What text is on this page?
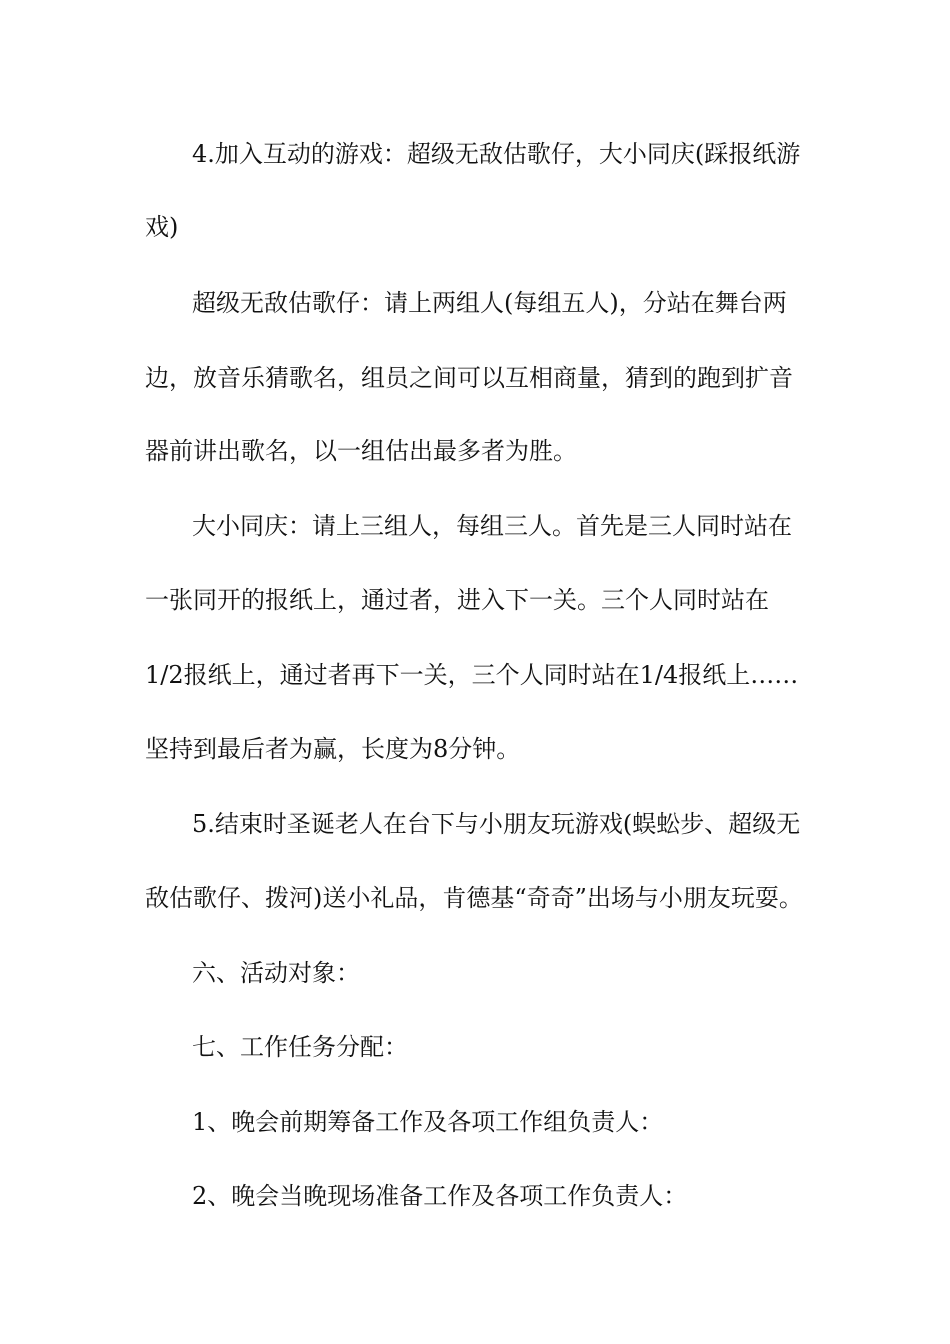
4.加入互动的游戏：超级无敌估歌仔，大小同庆(踩报纸游
戏)
超级无敌估歌仔：请上两组人(每组五人)，分站在舞台两
边，放音乐猜歌名，组员之间可以互相商量，猜到的跑到扩音
器前讲出歌名，以一组估出最多者为胜。
大小同庆：请上三组人，每组三人。首先是三人同时站在
一张同开的报纸上，通过者，进入下一关。三个人同时站在
1/2报纸上，通过者再下一关，三个人同时站在1/4报纸上……
坚持到最后者为赢，长度为8分钟。
5.结束时圣诞老人在台下与小朋友玩游戏(蜈蚣步、超级无
敌估歌仔、拨河)送小礼品，肯德基“奇奇”出场与小朋友玩耍。
六、活动对象：
七、工作任务分配：
1、晚会前期筹备工作及各项工作组负责人：
2、晚会当晚现场准备工作及各项工作负责人：
